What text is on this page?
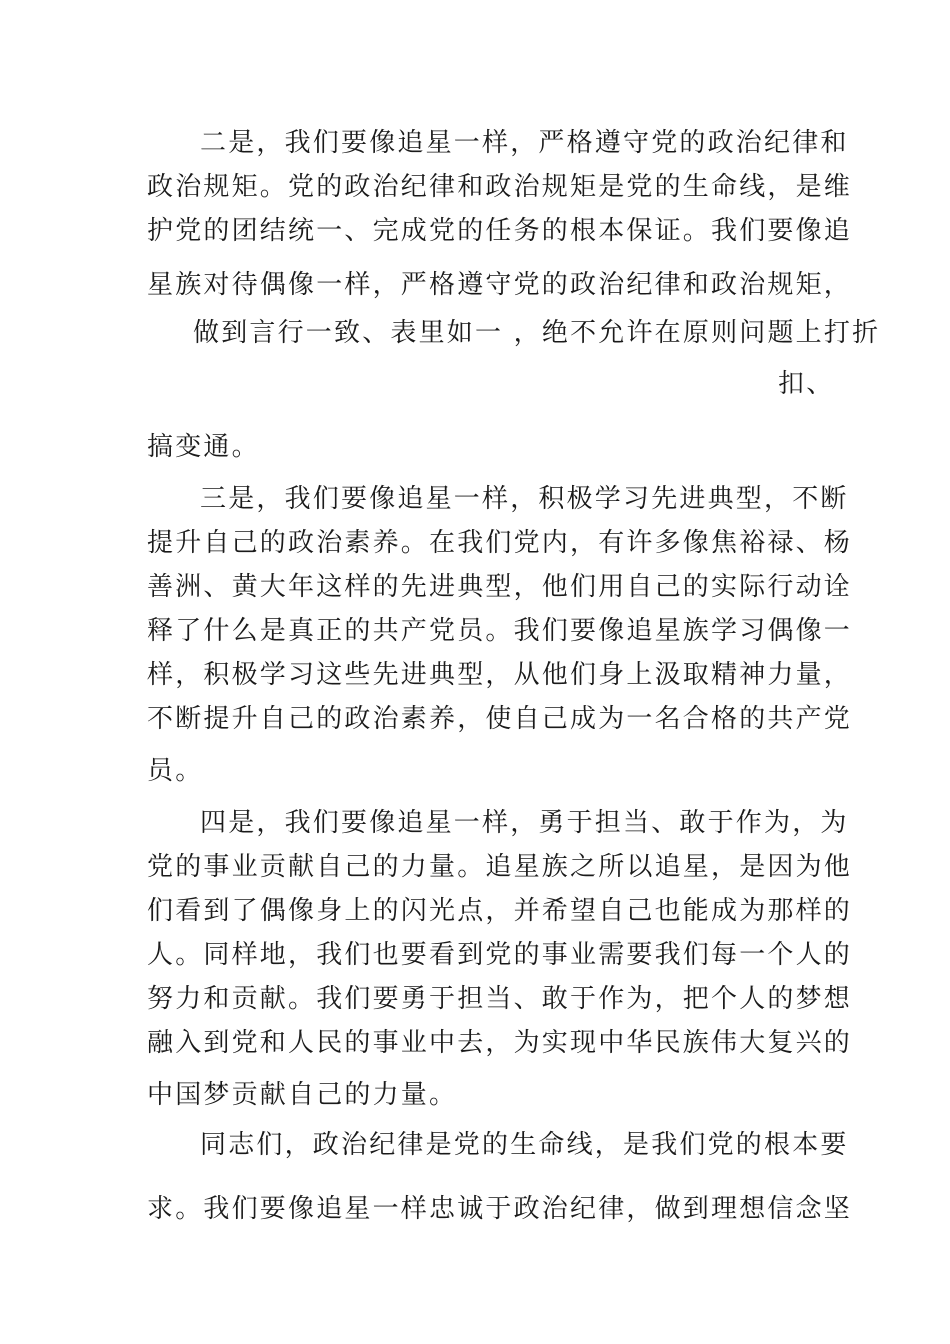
二是，我们要像追星一样，严格遵守党的政治纪律和
政治规矩。党的政治纪律和政治规矩是党的生命线，是维
护党的团结统一、完成党的任务的根本保证。我们要像追
星族对待偶像一样，严格遵守党的政治纪律和政治规矩，
做到言行一致、表里如一 ，绝不允许在原则问题上打折
扣、
搞变通。
三是，我们要像追星一样，积极学习先进典型，不断
提升自己的政治素养。在我们党内，有许多像焦裕禄、杨
善洲、黄大年这样的先进典型，他们用自己的实际行动诠
释了什么是真正的共产党员。我们要像追星族学习偶像一
样，积极学习这些先进典型，从他们身上汲取精神力量，
不断提升自己的政治素养，使自己成为一名合格的共产党
员。
四是，我们要像追星一样，勇于担当、敢于作为，为
党的事业贡献自己的力量。追星族之所以追星，是因为他
们看到了偶像身上的闪光点，并希望自己也能成为那样的
人。同样地，我们也要看到党的事业需要我们每一个人的
努力和贡献。我们要勇于担当、敢于作为，把个人的梦想
融入到党和人民的事业中去，为实现中华民族伟大复兴的
中国梦贡献自己的力量。
同志们，政治纪律是党的生命线，是我们党的根本要
求。我们要像追星一样忠诚于政治纪律，做到理想信念坚
